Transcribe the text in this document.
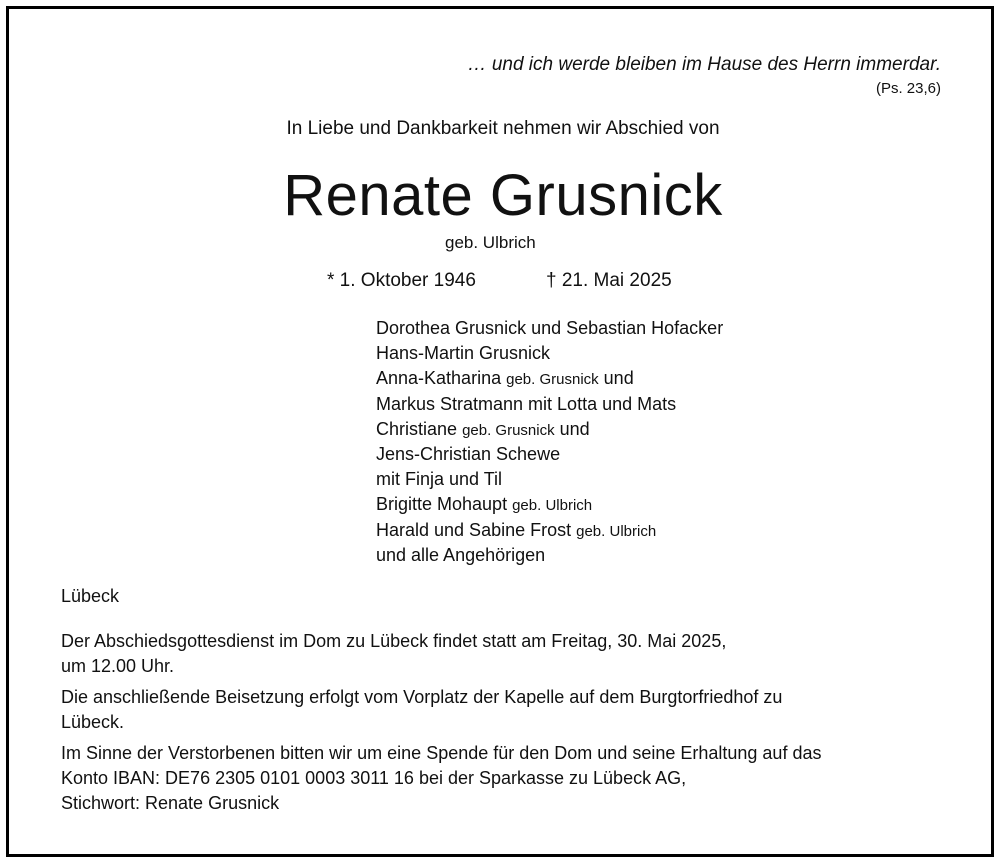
… und ich werde bleiben im Hause des Herrn immerdar.
(Ps. 23,6)
In Liebe und Dankbarkeit nehmen wir Abschied von
Renate Grusnick
geb. Ulbrich
* 1. Oktober 1946	† 21. Mai 2025
Dorothea Grusnick und Sebastian Hofacker
Hans-Martin Grusnick
Anna-Katharina geb. Grusnick und
Markus Stratmann mit Lotta und Mats
Christiane geb. Grusnick und
Jens-Christian Schewe
mit Finja und Til
Brigitte Mohaupt geb. Ulbrich
Harald und Sabine Frost geb. Ulbrich
und alle Angehörigen
Lübeck

Der Abschiedsgottesdienst im Dom zu Lübeck findet statt am Freitag, 30. Mai 2025,
um 12.00 Uhr.

Die anschließende Beisetzung erfolgt vom Vorplatz der Kapelle auf dem Burgtorfriedhof zu
Lübeck.

Im Sinne der Verstorbenen bitten wir um eine Spende für den Dom und seine Erhaltung auf das
Konto IBAN: DE76 2305 0101 0003 3011 16 bei der Sparkasse zu Lübeck AG,
Stichwort: Renate Grusnick
